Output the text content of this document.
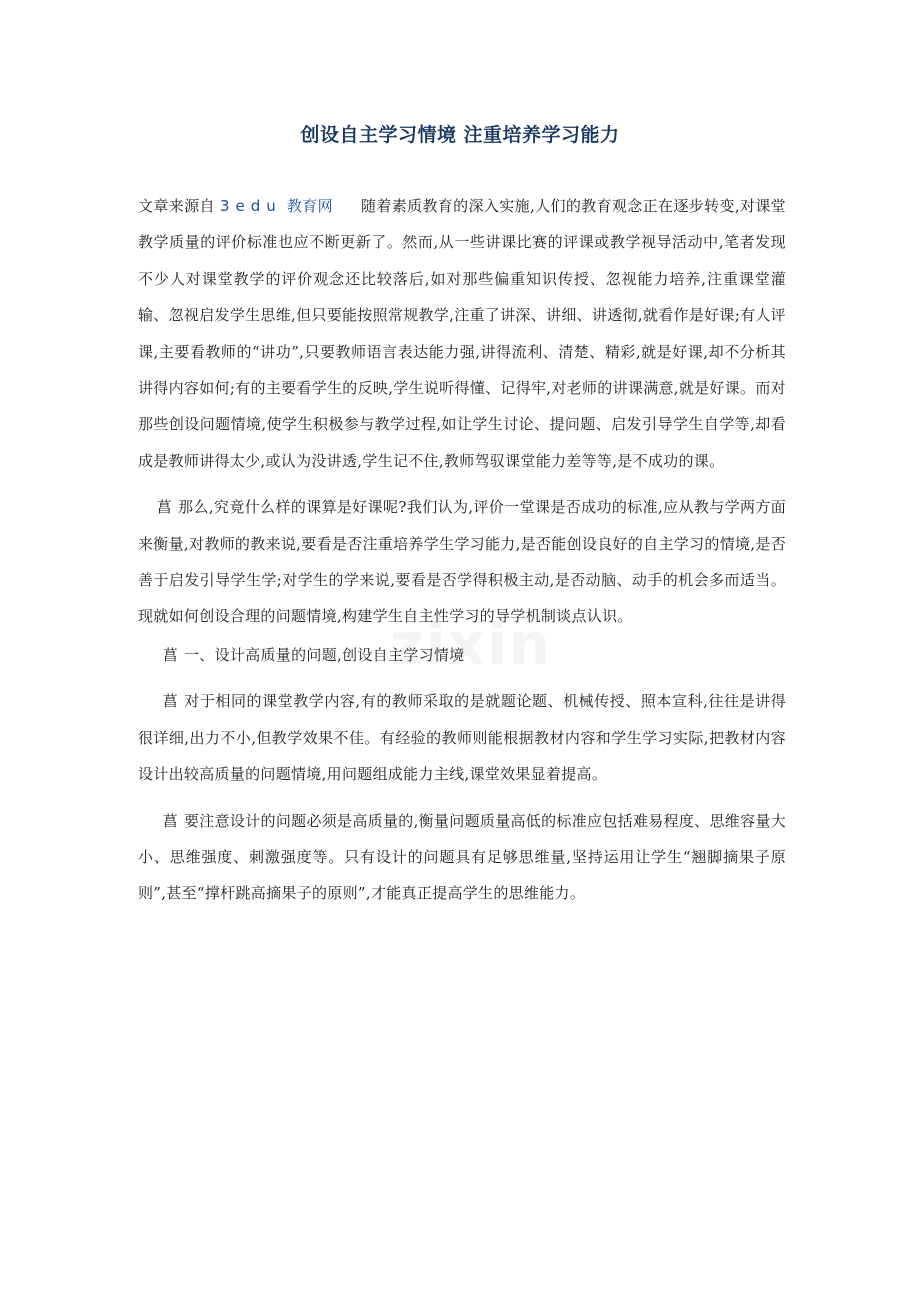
zixin
创设自主学习情境 注重培养学习能力

文章来源自 3edu 教育网 随着素质教育的深入实施,人们的教育观念正在逐步转变,对课堂教学质量的评价标准也应不断更新了。然而,从一些讲课比赛的评课或教学视导活动中,笔者发现不少人对课堂教学的评价观念还比较落后,如对那些偏重知识传授、忽视能力培养,注重课堂灌输、忽视启发学生思维,但只要能按照常规教学,注重了讲深、讲细、讲透彻,就看作是好课;有人评课,主要看教师的“讲功”,只要教师语言表达能力强,讲得流利、清楚、精彩,就是好课,却不分析其讲得内容如何;有的主要看学生的反映,学生说听得懂、记得牢,对老师的讲课满意,就是好课。而对那些创设问题情境,使学生积极参与教学过程,如让学生讨论、提问题、启发引导学生自学等,却看成是教师讲得太少,或认为没讲透,学生记不住,教师驾驭课堂能力差等等,是不成功的课。

菖 那么,究竟什么样的课算是好课呢?我们认为,评价一堂课是否成功的标准,应从教与学两方面来衡量,对教师的教来说,要看是否注重培养学生学习能力,是否能创设良好的自主学习的情境,是否善于启发引导学生学;对学生的学来说,要看是否学得积极主动,是否动脑、动手的机会多而适当。现就如何创设合理的问题情境,构建学生自主性学习的导学机制谈点认识。

菖 一、设计高质量的问题,创设自主学习情境

菖 对于相同的课堂教学内容,有的教师采取的是就题论题、机械传授、照本宣科,往往是讲得很详细,出力不小,但教学效果不佳。有经验的教师则能根据教材内容和学生学习实际,把教材内容设计出较高质量的问题情境,用问题组成能力主线,课堂效果显着提高。

菖 要注意设计的问题必须是高质量的,衡量问题质量高低的标准应包括难易程度、思维容量大小、思维强度、刺激强度等。只有设计的问题具有足够思维量,坚持运用让学生“翘脚摘果子原则”,甚至“撑杆跳高摘果子的原则”,才能真正提高学生的思维能力。
